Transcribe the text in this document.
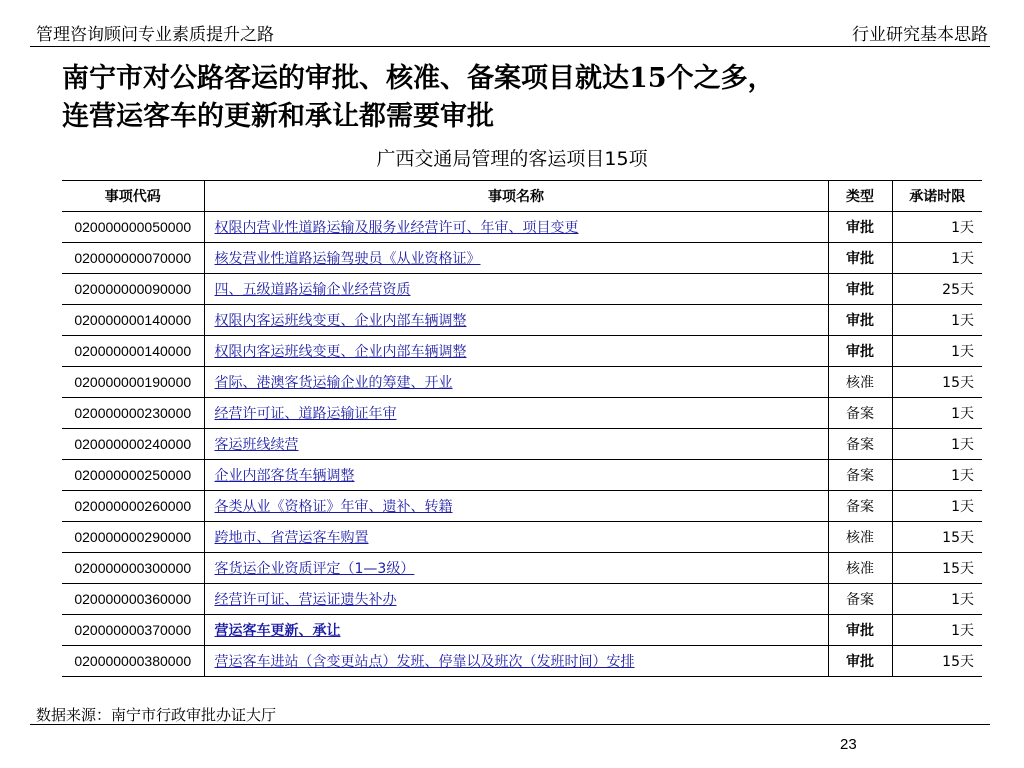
管理咨询顾问专业素质提升之路	行业研究基本思路
南宁市对公路客运的审批、核准、备案项目就达15个之多，
连营运客车的更新和承让都需要审批
广西交通局管理的客运项目15项
事项代码	事项名称	类型	承诺时限
020000000050000	权限内营业性道路运输及服务业经营许可、年审、项目变更	审批	1天
020000000070000	核发营业性道路运输驾驶员《从业资格证》	审批	1天
020000000090000	四、五级道路运输企业经营资质	审批	25天
020000000140000	权限内客运班线变更、企业内部车辆调整	审批	1天
020000000140000	权限内客运班线变更、企业内部车辆调整	审批	1天
020000000190000	省际、港澳客货运输企业的筹建、开业	核准	15天
020000000230000	经营许可证、道路运输证年审	备案	1天
020000000240000	客运班线续营	备案	1天
020000000250000	企业内部客货车辆调整	备案	1天
020000000260000	各类从业《资格证》年审、遗补、转籍	备案	1天
020000000290000	跨地市、省营运客车购置	核准	15天
020000000300000	客货运企业资质评定（1—3级）	核准	15天
020000000360000	经营许可证、营运证遗失补办	备案	1天
020000000370000	营运客车更新、承让	审批	1天
020000000380000	营运客车进站（含变更站点）发班、停靠以及班次（发班时间）安排	审批	15天
数据来源：南宁市行政审批办证大厅
23
